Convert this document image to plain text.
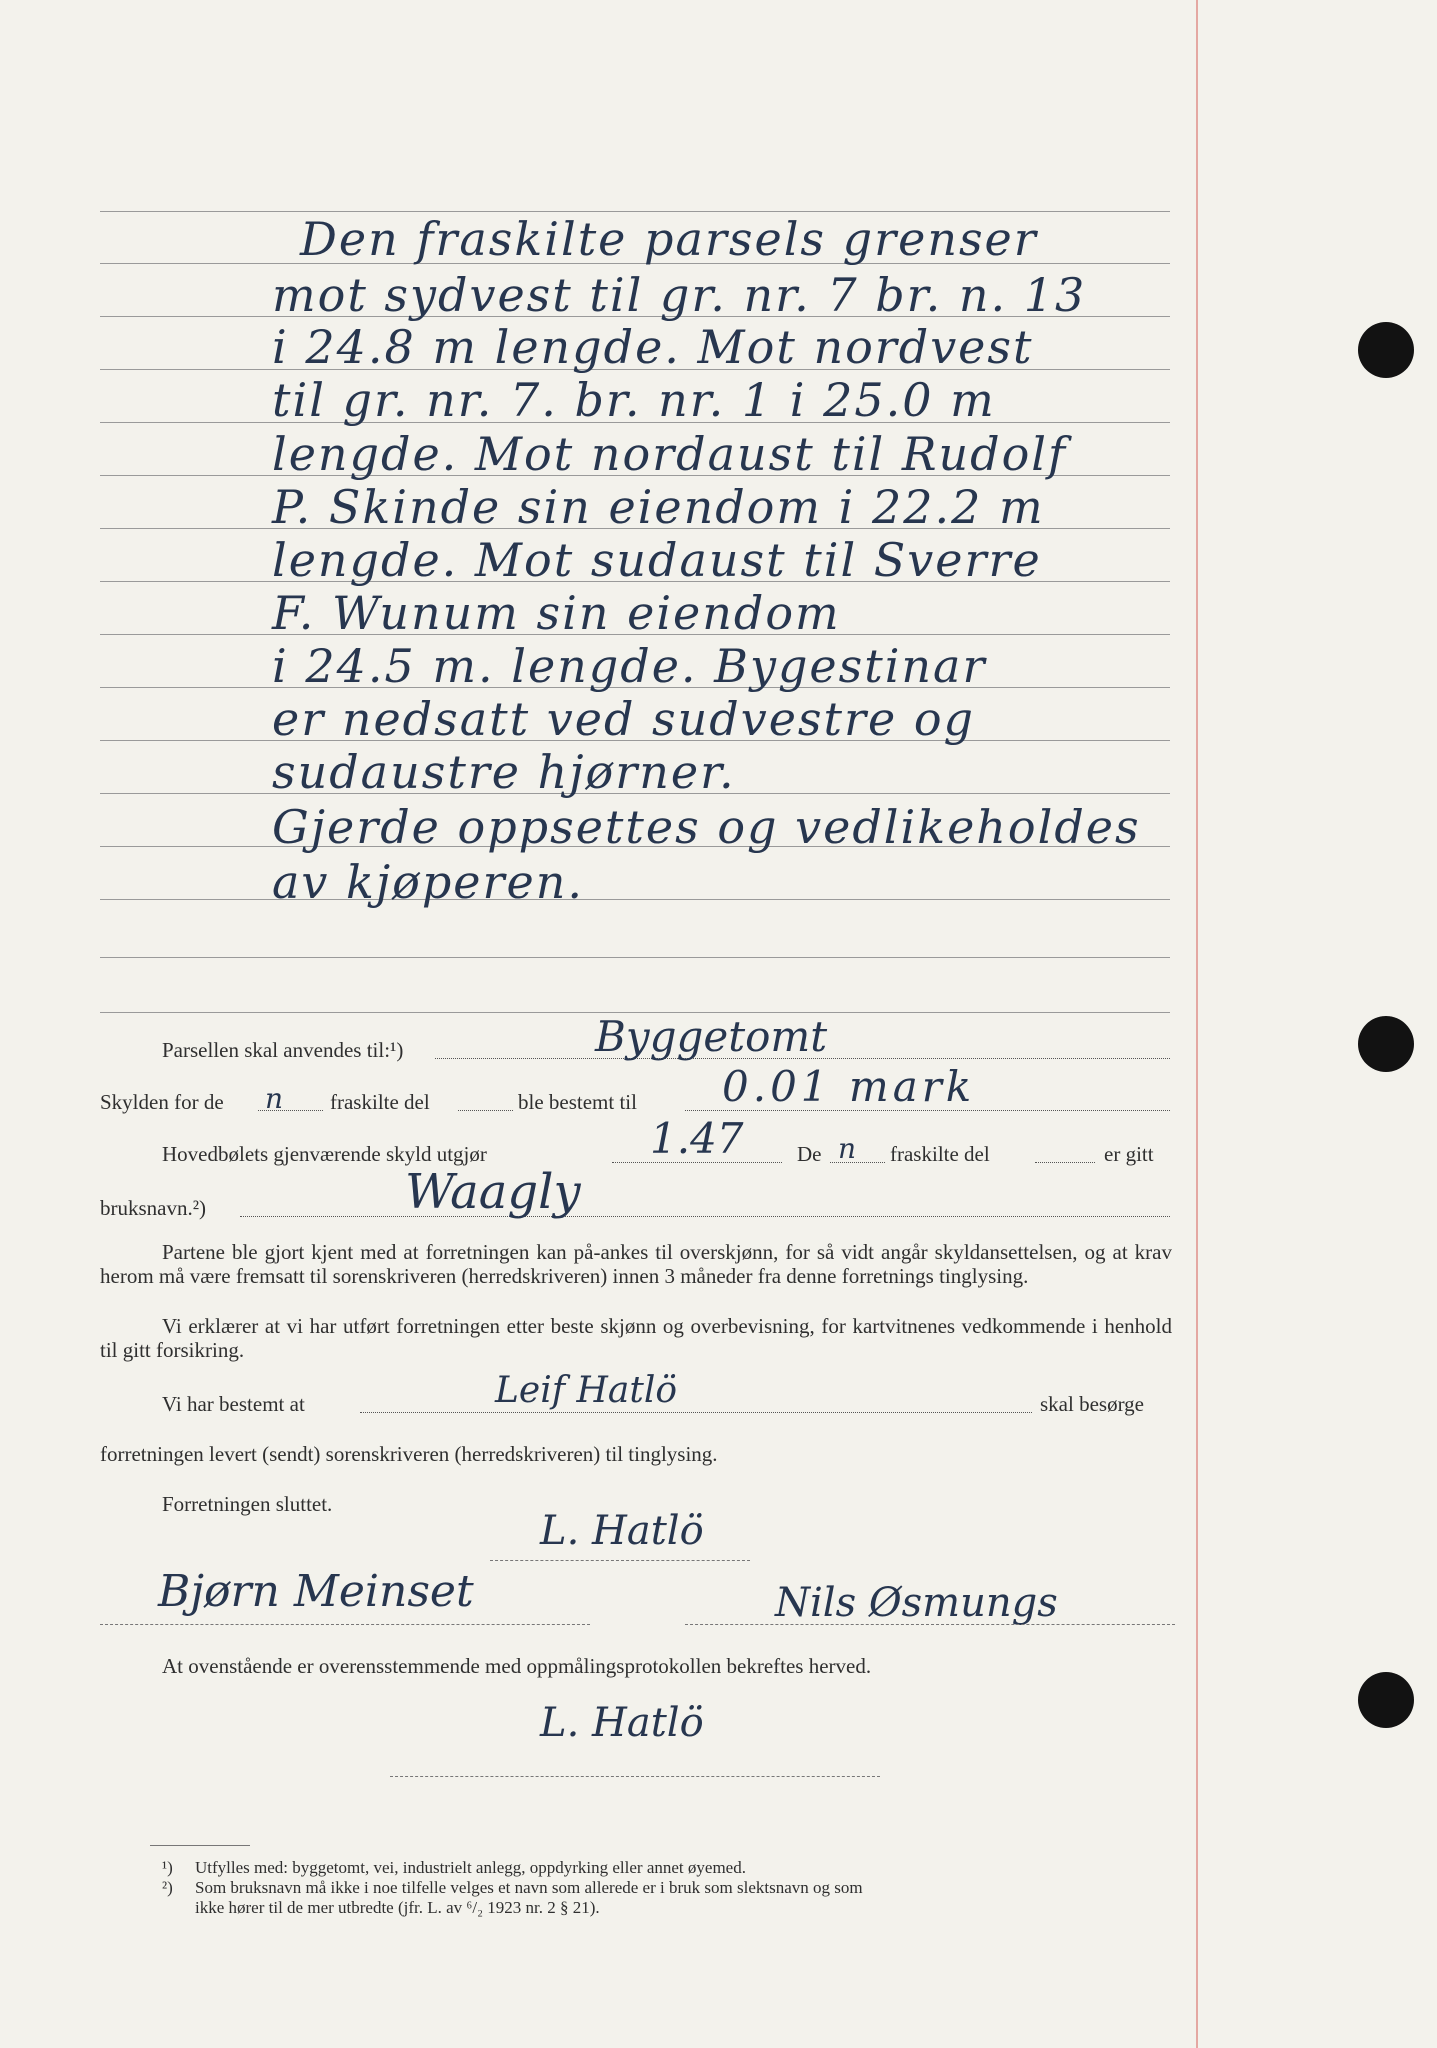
Den fraskilte parsels grenser
mot sydvest til gr. nr. 7 br. n. 13
i 24.8 m lengde. Mot nordvest
til gr. nr. 7. br. nr. 1 i 25.0 m
lengde. Mot nordaust til Rudolf
P. Skinde sin eiendom i 22.2 m
lengde. Mot sudaust til Sverre
F. Wunum sin eiendom
i 24.5 m. lengde. Bygestinar
er nedsatt ved sudvestre og
sudaustre hjørner.
Gjerde oppsettes og vedlikeholdes
av kjøperen.
Parsellen skal anvendes til:¹)	Byggetomt
Skylden for de n fraskilte del	ble bestemt til 0.01 mark
Hovedbølets gjenværende skyld utgjør	1.47	De n fraskilte del	er gitt
bruksnavn.²)	Waagly
Partene ble gjort kjent med at forretningen kan på-ankes til overskjønn, for så vidt angår skyldansettelsen, og at krav herom må være fremsatt til sorenskriveren (herredskriveren) innen 3 måneder fra denne forretnings tinglysing.
Vi erklærer at vi har utført forretningen etter beste skjønn og overbevisning, for kartvitnenes vedkommende i henhold til gitt forsikring.
Vi har bestemt at	Leif Hatlö	skal besørge
forretningen levert (sendt) sorenskriveren (herredskriveren) til tinglysing.
Forretningen sluttet.
L. Hatlö
Bjørn Meinset	Nils Øsmungs
At ovenstående er overensstemmende med oppmålingsprotokollen bekreftes herved.
L. Hatlö
¹) Utfylles med: byggetomt, vei, industrielt anlegg, oppdyrking eller annet øyemed.
²) Som bruksnavn må ikke i noe tilfelle velges et navn som allerede er i bruk som slektsnavn og som
ikke hører til de mer utbredte (jfr. L. av ⁶/₂ 1923 nr. 2 § 21).
